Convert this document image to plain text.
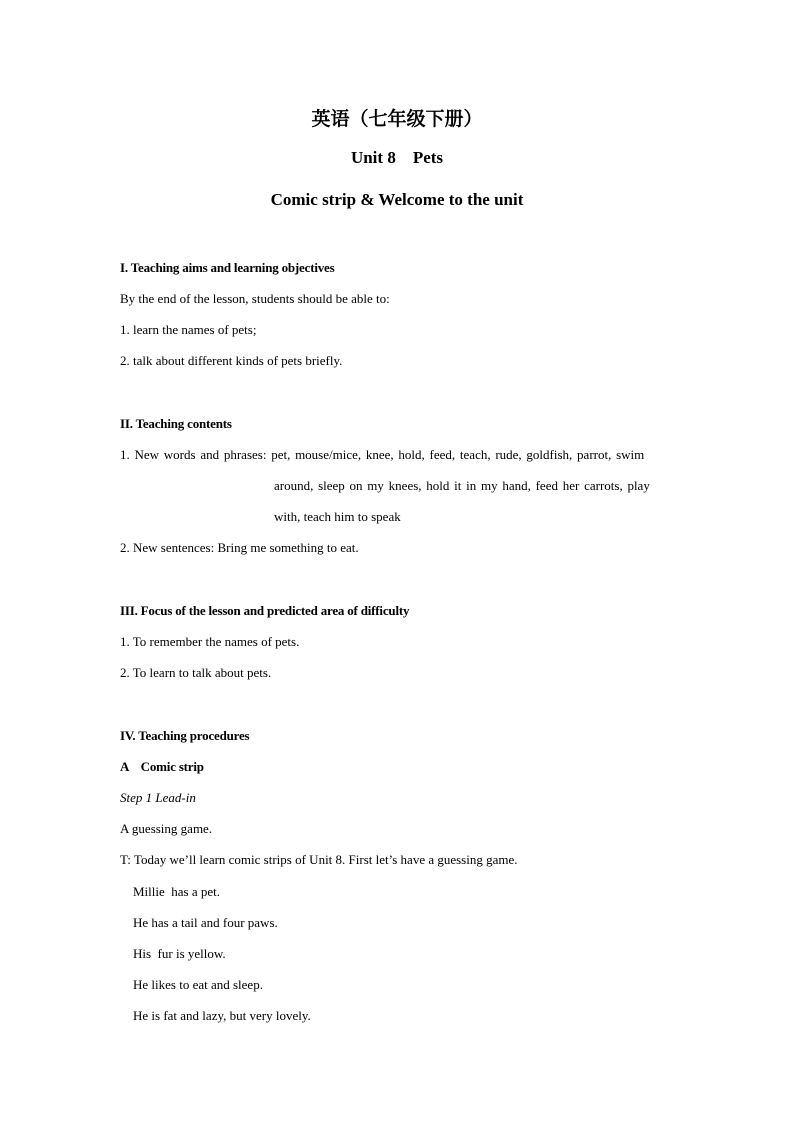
英语（七年级下册）
Unit 8    Pets
Comic strip & Welcome to the unit
I. Teaching aims and learning objectives
By the end of the lesson, students should be able to:
1. learn the names of pets;
2. talk about different kinds of pets briefly.
II. Teaching contents
1. New words and phrases: pet, mouse/mice, knee, hold, feed, teach, rude, goldfish, parrot, swim
around, sleep on my knees, hold it in my hand, feed her carrots, play
with, teach him to speak
2. New sentences: Bring me something to eat.
III. Focus of the lesson and predicted area of difficulty
1. To remember the names of pets.
2. To learn to talk about pets.
IV. Teaching procedures
A    Comic strip
Step 1 Lead-in
A guessing game.
T: Today we’ll learn comic strips of Unit 8. First let’s have a guessing game.
Millie  has a pet.
He has a tail and four paws.
His  fur is yellow.
He likes to eat and sleep.
He is fat and lazy, but very lovely.
